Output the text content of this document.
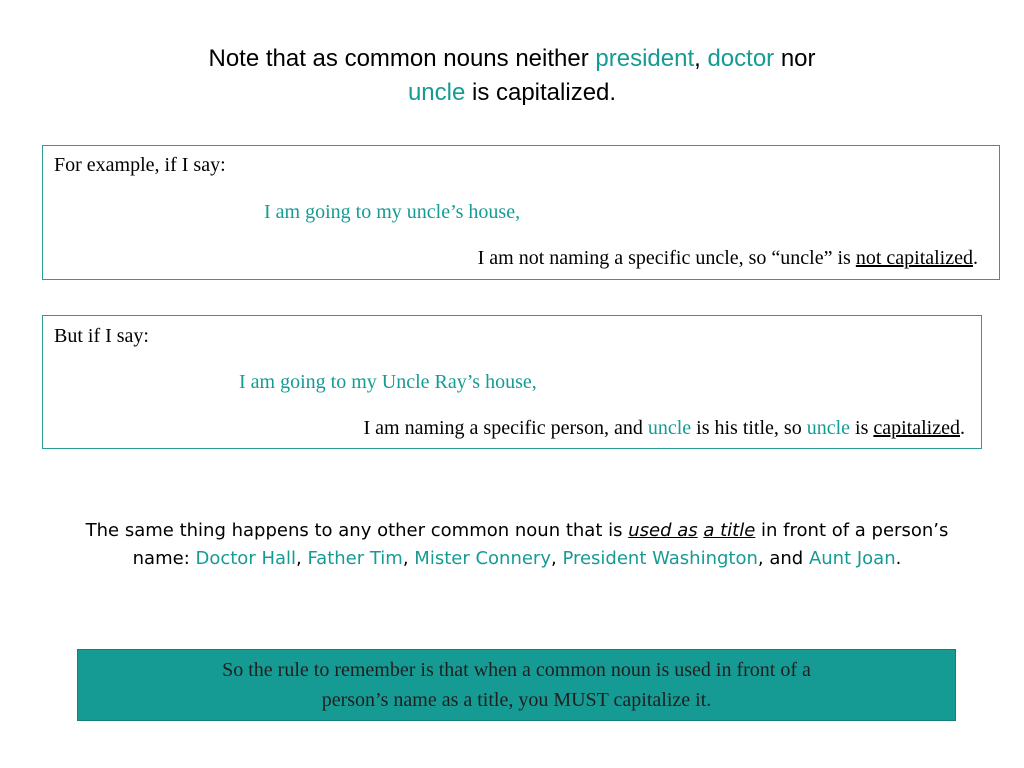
Note that as common nouns neither president, doctor nor
uncle is capitalized.
For example, if I say:
I am going to my uncle’s house,
I am not naming a specific uncle, so “uncle” is not capitalized.
But if I say:
I am going to my Uncle Ray’s house,
I am naming a specific person, and uncle is his title, so uncle is capitalized.
The same thing happens to any other common noun that is used as a title in front of a person’s name: Doctor Hall, Father Tim, Mister Connery, President Washington, and Aunt Joan.
So the rule to remember is that when a common noun is used in front of a
person’s name as a title, you MUST capitalize it.
